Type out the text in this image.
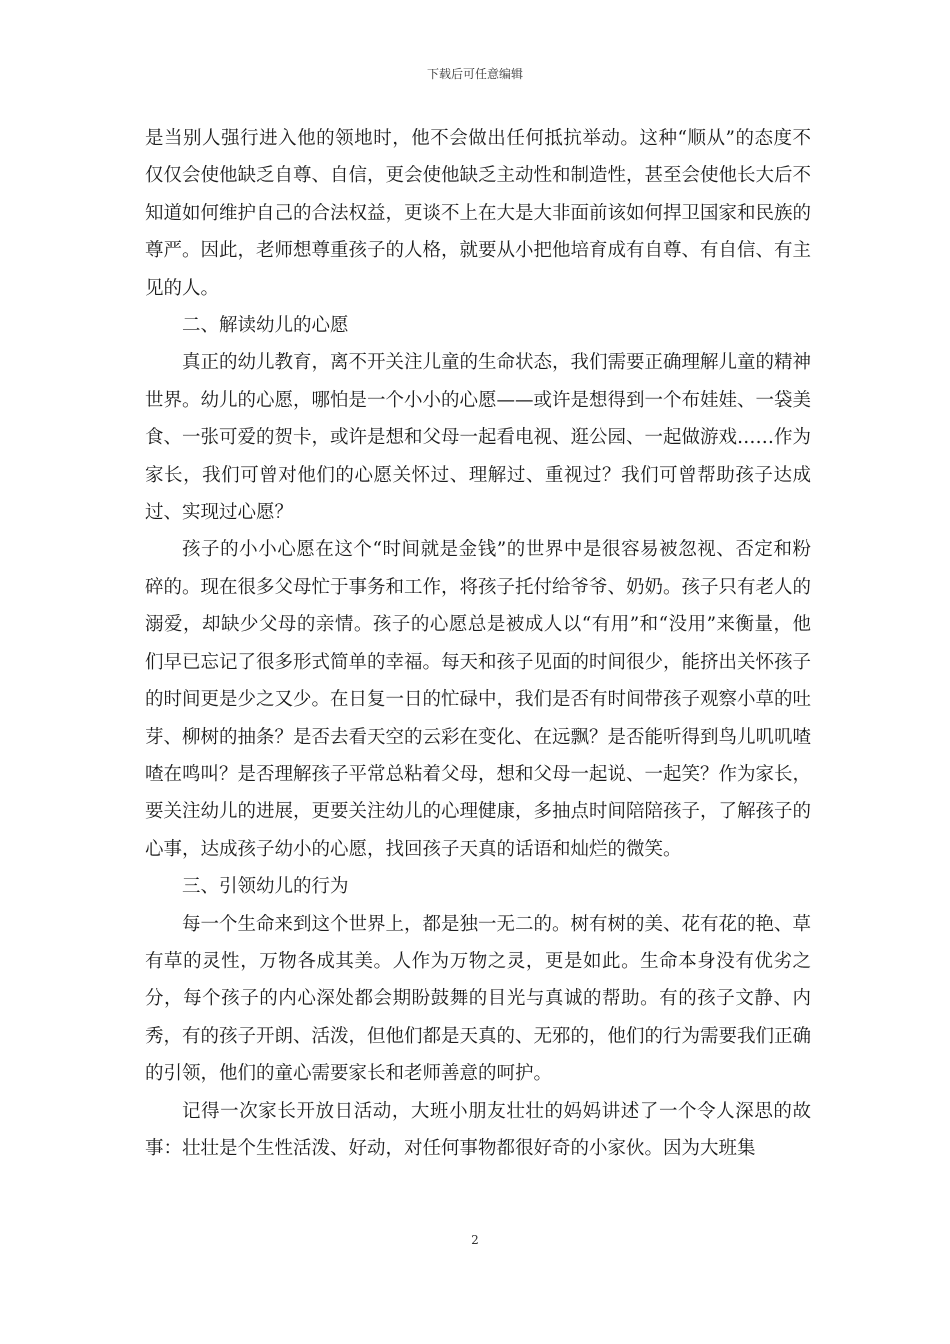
下载后可任意编辑

是当别人强行进入他的领地时，他不会做出任何抵抗举动。这种“顺从”的态度不仅仅会使他缺乏自尊、自信，更会使他缺乏主动性和制造性，甚至会使他长大后不知道如何维护自己的合法权益，更谈不上在大是大非面前该如何捍卫国家和民族的尊严。因此，老师想尊重孩子的人格，就要从小把他培育成有自尊、有自信、有主见的人。

二、解读幼儿的心愿

真正的幼儿教育，离不开关注儿童的生命状态，我们需要正确理解儿童的精神世界。幼儿的心愿，哪怕是一个小小的心愿——或许是想得到一个布娃娃、一袋美食、一张可爱的贺卡，或许是想和父母一起看电视、逛公园、一起做游戏……作为家长，我们可曾对他们的心愿关怀过、理解过、重视过？我们可曾帮助孩子达成过、实现过心愿？

孩子的小小心愿在这个“时间就是金钱”的世界中是很容易被忽视、否定和粉碎的。现在很多父母忙于事务和工作，将孩子托付给爷爷、奶奶。孩子只有老人的溺爱，却缺少父母的亲情。孩子的心愿总是被成人以“有用”和“没用”来衡量，他们早已忘记了很多形式简单的幸福。每天和孩子见面的时间很少，能挤出关怀孩子的时间更是少之又少。在日复一日的忙碌中，我们是否有时间带孩子观察小草的吐芽、柳树的抽条？是否去看天空的云彩在变化、在远飘？是否能听得到鸟儿叽叽喳喳在鸣叫？是否理解孩子平常总粘着父母，想和父母一起说、一起笑？作为家长，要关注幼儿的进展，更要关注幼儿的心理健康，多抽点时间陪陪孩子，了解孩子的心事，达成孩子幼小的心愿，找回孩子天真的话语和灿烂的微笑。

三、引领幼儿的行为

每一个生命来到这个世界上，都是独一无二的。树有树的美、花有花的艳、草有草的灵性，万物各成其美。人作为万物之灵，更是如此。生命本身没有优劣之分，每个孩子的内心深处都会期盼鼓舞的目光与真诚的帮助。有的孩子文静、内秀，有的孩子开朗、活泼，但他们都是天真的、无邪的，他们的行为需要我们正确的引领，他们的童心需要家长和老师善意的呵护。

记得一次家长开放日活动，大班小朋友壮壮的妈妈讲述了一个令人深思的故事：壮壮是个生性活泼、好动，对任何事物都很好奇的小家伙。因为大班集

2
